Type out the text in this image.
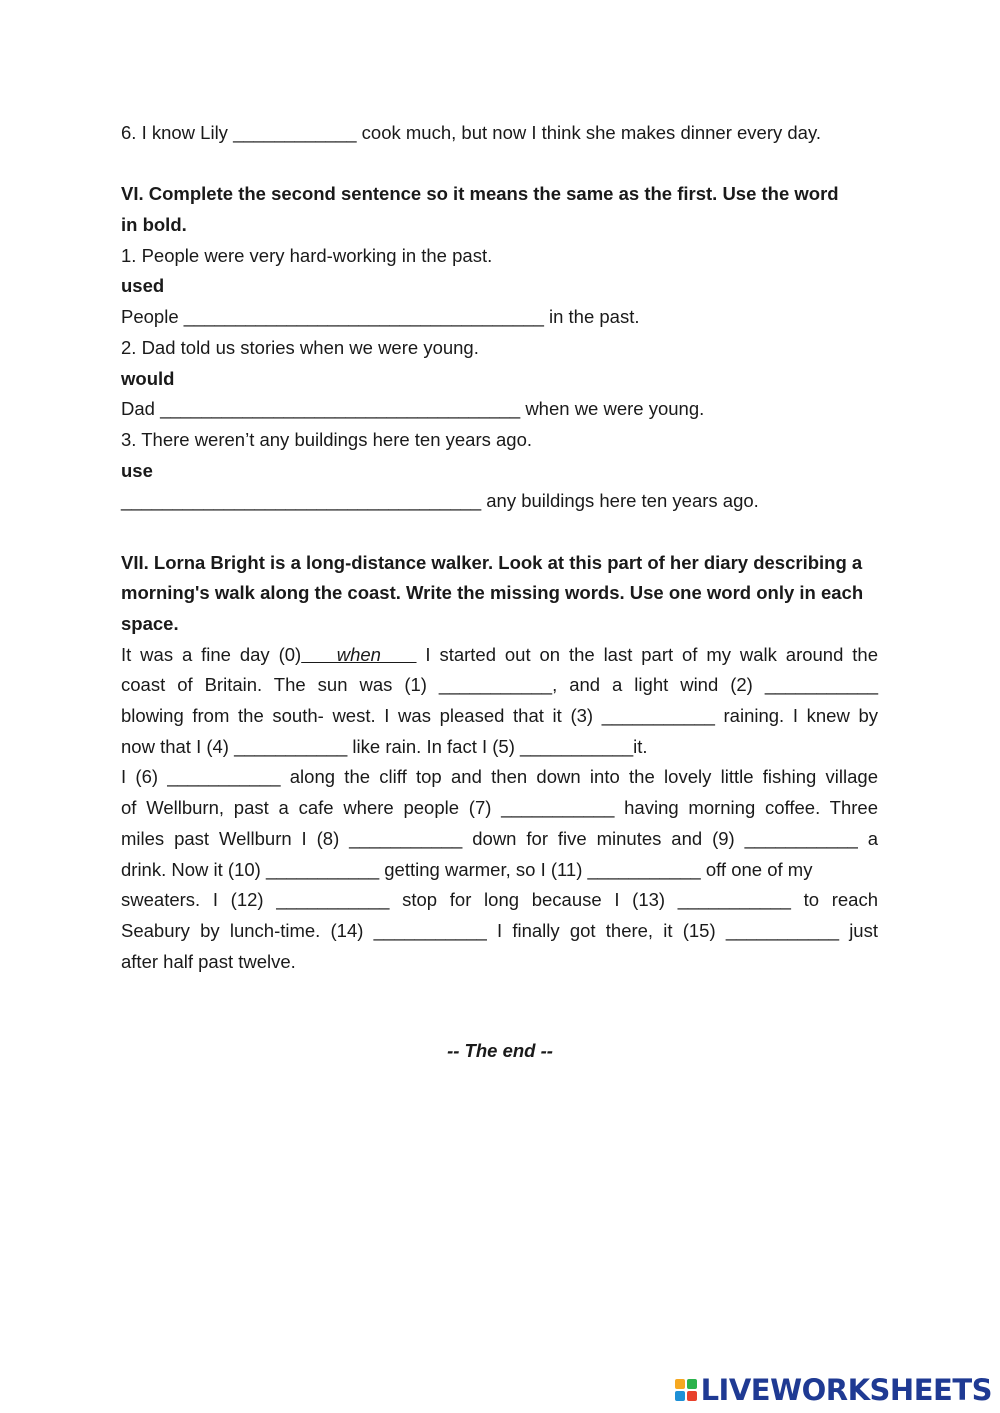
6. I know Lily ____________ cook much, but now I think she makes dinner every day.

VI. Complete the second sentence so it means the same as the first. Use the word

in bold.

1. People were very hard-working in the past.

used

People ___________________________________ in the past.

2. Dad told us stories when we were young.

would

Dad ___________________________________ when we were young.

3. There weren’t any buildings here ten years ago.

use

___________________________________ any buildings here ten years ago.

VII. Lorna Bright is a long-distance walker. Look at this part of her diary describing a

morning's walk along the coast. Write the missing words. Use one word only in each

space.

It was a fine day (0)    when     I started out on the last part of my walk around the

coast of Britain. The sun was (1) ___________, and a light wind (2) ___________

blowing from the south- west. I was pleased that it (3) ___________ raining. I knew by

now that I (4) ___________ like rain. In fact I (5) ___________it.

I (6) ___________ along the cliff top and then down into the lovely little fishing village

of Wellburn, past a cafe where people (7) ___________ having morning coffee. Three

miles past Wellburn I (8) ___________ down for five minutes and (9) ___________ a

drink. Now it (10) ___________ getting warmer, so I (11) ___________ off one of my

sweaters. I (12) ___________ stop for long because I (13) ___________ to reach

Seabury by lunch-time. (14) ___________ I finally got there, it (15) ___________ just

after half past twelve.

-- The end --
LIVEWORKSHEETS
